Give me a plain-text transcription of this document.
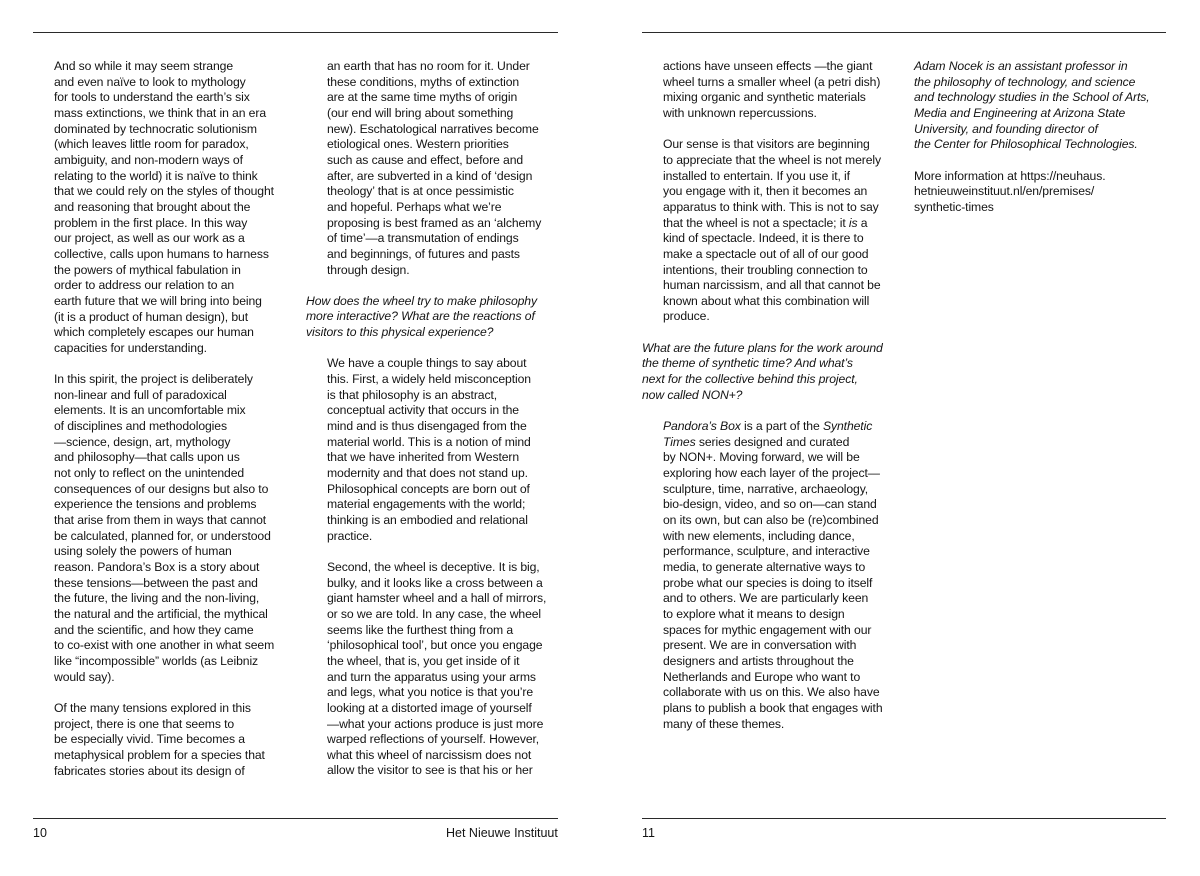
And so while it may seem strange
and even naïve to look to mythology
for tools to understand the earth’s six
mass extinctions, we think that in an era
dominated by technocratic solutionism
(which leaves little room for paradox,
ambiguity, and non-modern ways of
relating to the world) it is naïve to think
that we could rely on the styles of thought
and reasoning that brought about the
problem in the first place. In this way
our project, as well as our work as a
collective, calls upon humans to harness
the powers of mythical fabulation in
order to address our relation to an
earth future that we will bring into being
(it is a product of human design), but
which completely escapes our human
capacities for understanding.

In this spirit, the project is deliberately
non-linear and full of paradoxical
elements. It is an uncomfortable mix
of disciplines and methodologies
—science, design, art, mythology
and philosophy—that calls upon us
not only to reflect on the unintended
consequences of our designs but also to
experience the tensions and problems
that arise from them in ways that cannot
be calculated, planned for, or understood
using solely the powers of human
reason. Pandora’s Box is a story about
these tensions—between the past and
the future, the living and the non-living,
the natural and the artificial, the mythical
and the scientific, and how they came
to co-exist with one another in what seem
like “incompossible” worlds (as Leibniz
would say).

Of the many tensions explored in this
project, there is one that seems to
be especially vivid. Time becomes a
metaphysical problem for a species that
fabricates stories about its design of

an earth that has no room for it. Under
these conditions, myths of extinction
are at the same time myths of origin
(our end will bring about something
new). Eschatological narratives become
etiological ones. Western priorities
such as cause and effect, before and
after, are subverted in a kind of ‘design
theology’ that is at once pessimistic
and hopeful. Perhaps what we’re
proposing is best framed as an ‘alchemy
of time’—a transmutation of endings
and beginnings, of futures and pasts
through design.

How does the wheel try to make philosophy
more interactive? What are the reactions of
visitors to this physical experience?

We have a couple things to say about
this. First, a widely held misconception
is that philosophy is an abstract,
conceptual activity that occurs in the
mind and is thus disengaged from the
material world. This is a notion of mind
that we have inherited from Western
modernity and that does not stand up.
Philosophical concepts are born out of
material engagements with the world;
thinking is an embodied and relational
practice.

Second, the wheel is deceptive. It is big,
bulky, and it looks like a cross between a
giant hamster wheel and a hall of mirrors,
or so we are told. In any case, the wheel
seems like the furthest thing from a
‘philosophical tool’, but once you engage
the wheel, that is, you get inside of it
and turn the apparatus using your arms
and legs, what you notice is that you’re
looking at a distorted image of yourself
—what your actions produce is just more
warped reflections of yourself. However,
what this wheel of narcissism does not
allow the visitor to see is that his or her

actions have unseen effects —the giant
wheel turns a smaller wheel (a petri dish)
mixing organic and synthetic materials
with unknown repercussions.

Our sense is that visitors are beginning
to appreciate that the wheel is not merely
installed to entertain. If you use it, if
you engage with it, then it becomes an
apparatus to think with. This is not to say
that the wheel is not a spectacle; it is a
kind of spectacle. Indeed, it is there to
make a spectacle out of all of our good
intentions, their troubling connection to
human narcissism, and all that cannot be
known about what this combination will
produce.

What are the future plans for the work around
the theme of synthetic time? And what’s
next for the collective behind this project,
now called NON+?

Pandora’s Box is a part of the Synthetic
Times series designed and curated
by NON+. Moving forward, we will be
exploring how each layer of the project—
sculpture, time, narrative, archaeology,
bio-design, video, and so on—can stand
on its own, but can also be (re)combined
with new elements, including dance,
performance, sculpture, and interactive
media, to generate alternative ways to
probe what our species is doing to itself
and to others. We are particularly keen
to explore what it means to design
spaces for mythic engagement with our
present. We are in conversation with
designers and artists throughout the
Netherlands and Europe who want to
collaborate with us on this. We also have
plans to publish a book that engages with
many of these themes.

Adam Nocek is an assistant professor in
the philosophy of technology, and science
and technology studies in the School of Arts,
Media and Engineering at Arizona State
University, and founding director of
the Center for Philosophical Technologies.

More information at https://neuhaus.
hetnieuweinstituut.nl/en/premises/
synthetic-times

10	Het Nieuwe Instituut	11
